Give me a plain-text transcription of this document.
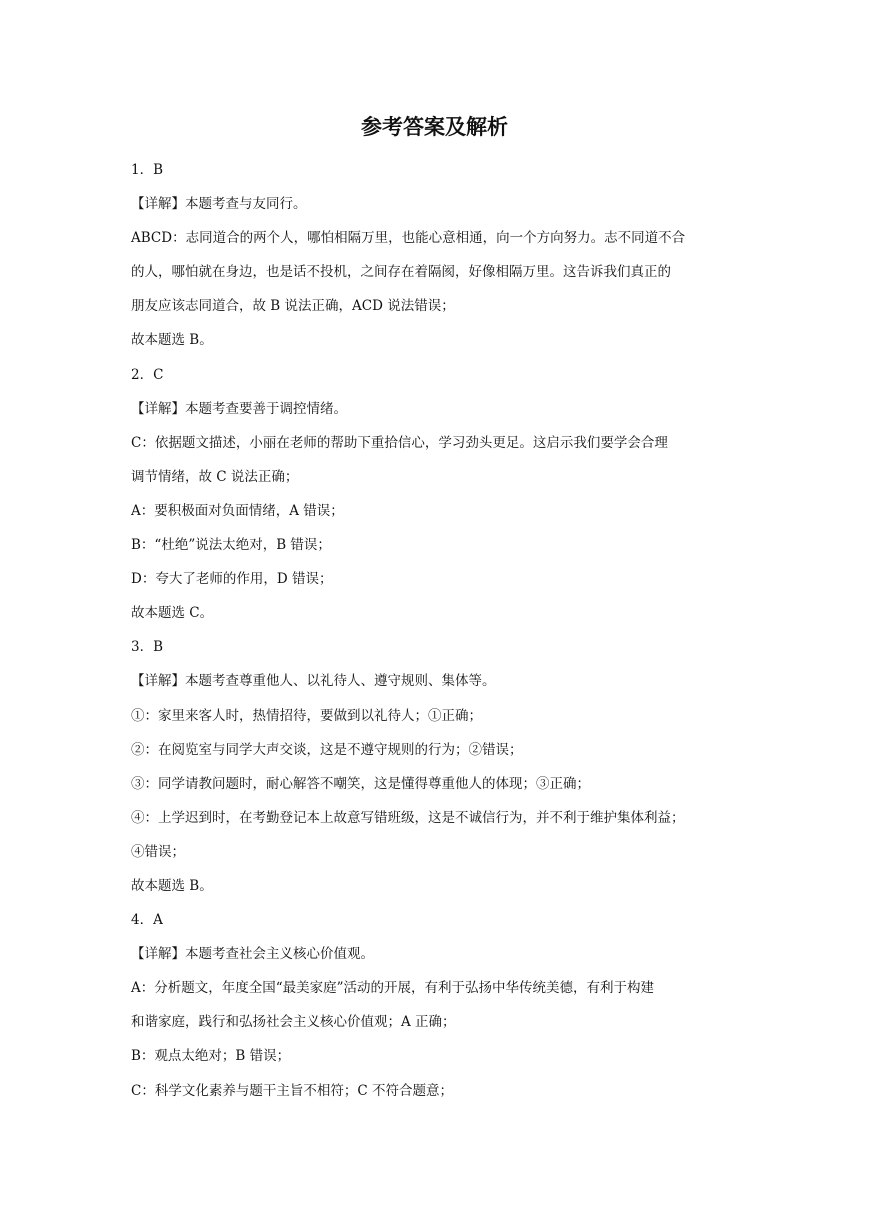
参考答案及解析

1．B

【详解】本题考查与友同行。

ABCD：志同道合的两个人，哪怕相隔万里，也能心意相通，向一个方向努力。志不同道不合

的人，哪怕就在身边，也是话不投机，之间存在着隔阂，好像相隔万里。这告诉我们真正的

朋友应该志同道合，故 B 说法正确，ACD 说法错误；

故本题选 B。

2．C

【详解】本题考查要善于调控情绪。

C：依据题文描述，小丽在老师的帮助下重拾信心，学习劲头更足。这启示我们要学会合理

调节情绪，故 C 说法正确；

A：要积极面对负面情绪，A 错误；

B：“杜绝”说法太绝对，B 错误；

D：夸大了老师的作用，D 错误；

故本题选 C。

3．B

【详解】本题考查尊重他人、以礼待人、遵守规则、集体等。

①：家里来客人时，热情招待，要做到以礼待人；①正确；

②：在阅览室与同学大声交谈，这是不遵守规则的行为；②错误；

③：同学请教问题时，耐心解答不嘲笑，这是懂得尊重他人的体现；③正确；

④：上学迟到时，在考勤登记本上故意写错班级，这是不诚信行为，并不利于维护集体利益；

④错误；

故本题选 B。

4．A

【详解】本题考查社会主义核心价值观。

A：分析题文，年度全国“最美家庭”活动的开展，有利于弘扬中华传统美德，有利于构建

和谐家庭，践行和弘扬社会主义核心价值观；A 正确；

B：观点太绝对；B 错误；

C：科学文化素养与题干主旨不相符；C 不符合题意；
